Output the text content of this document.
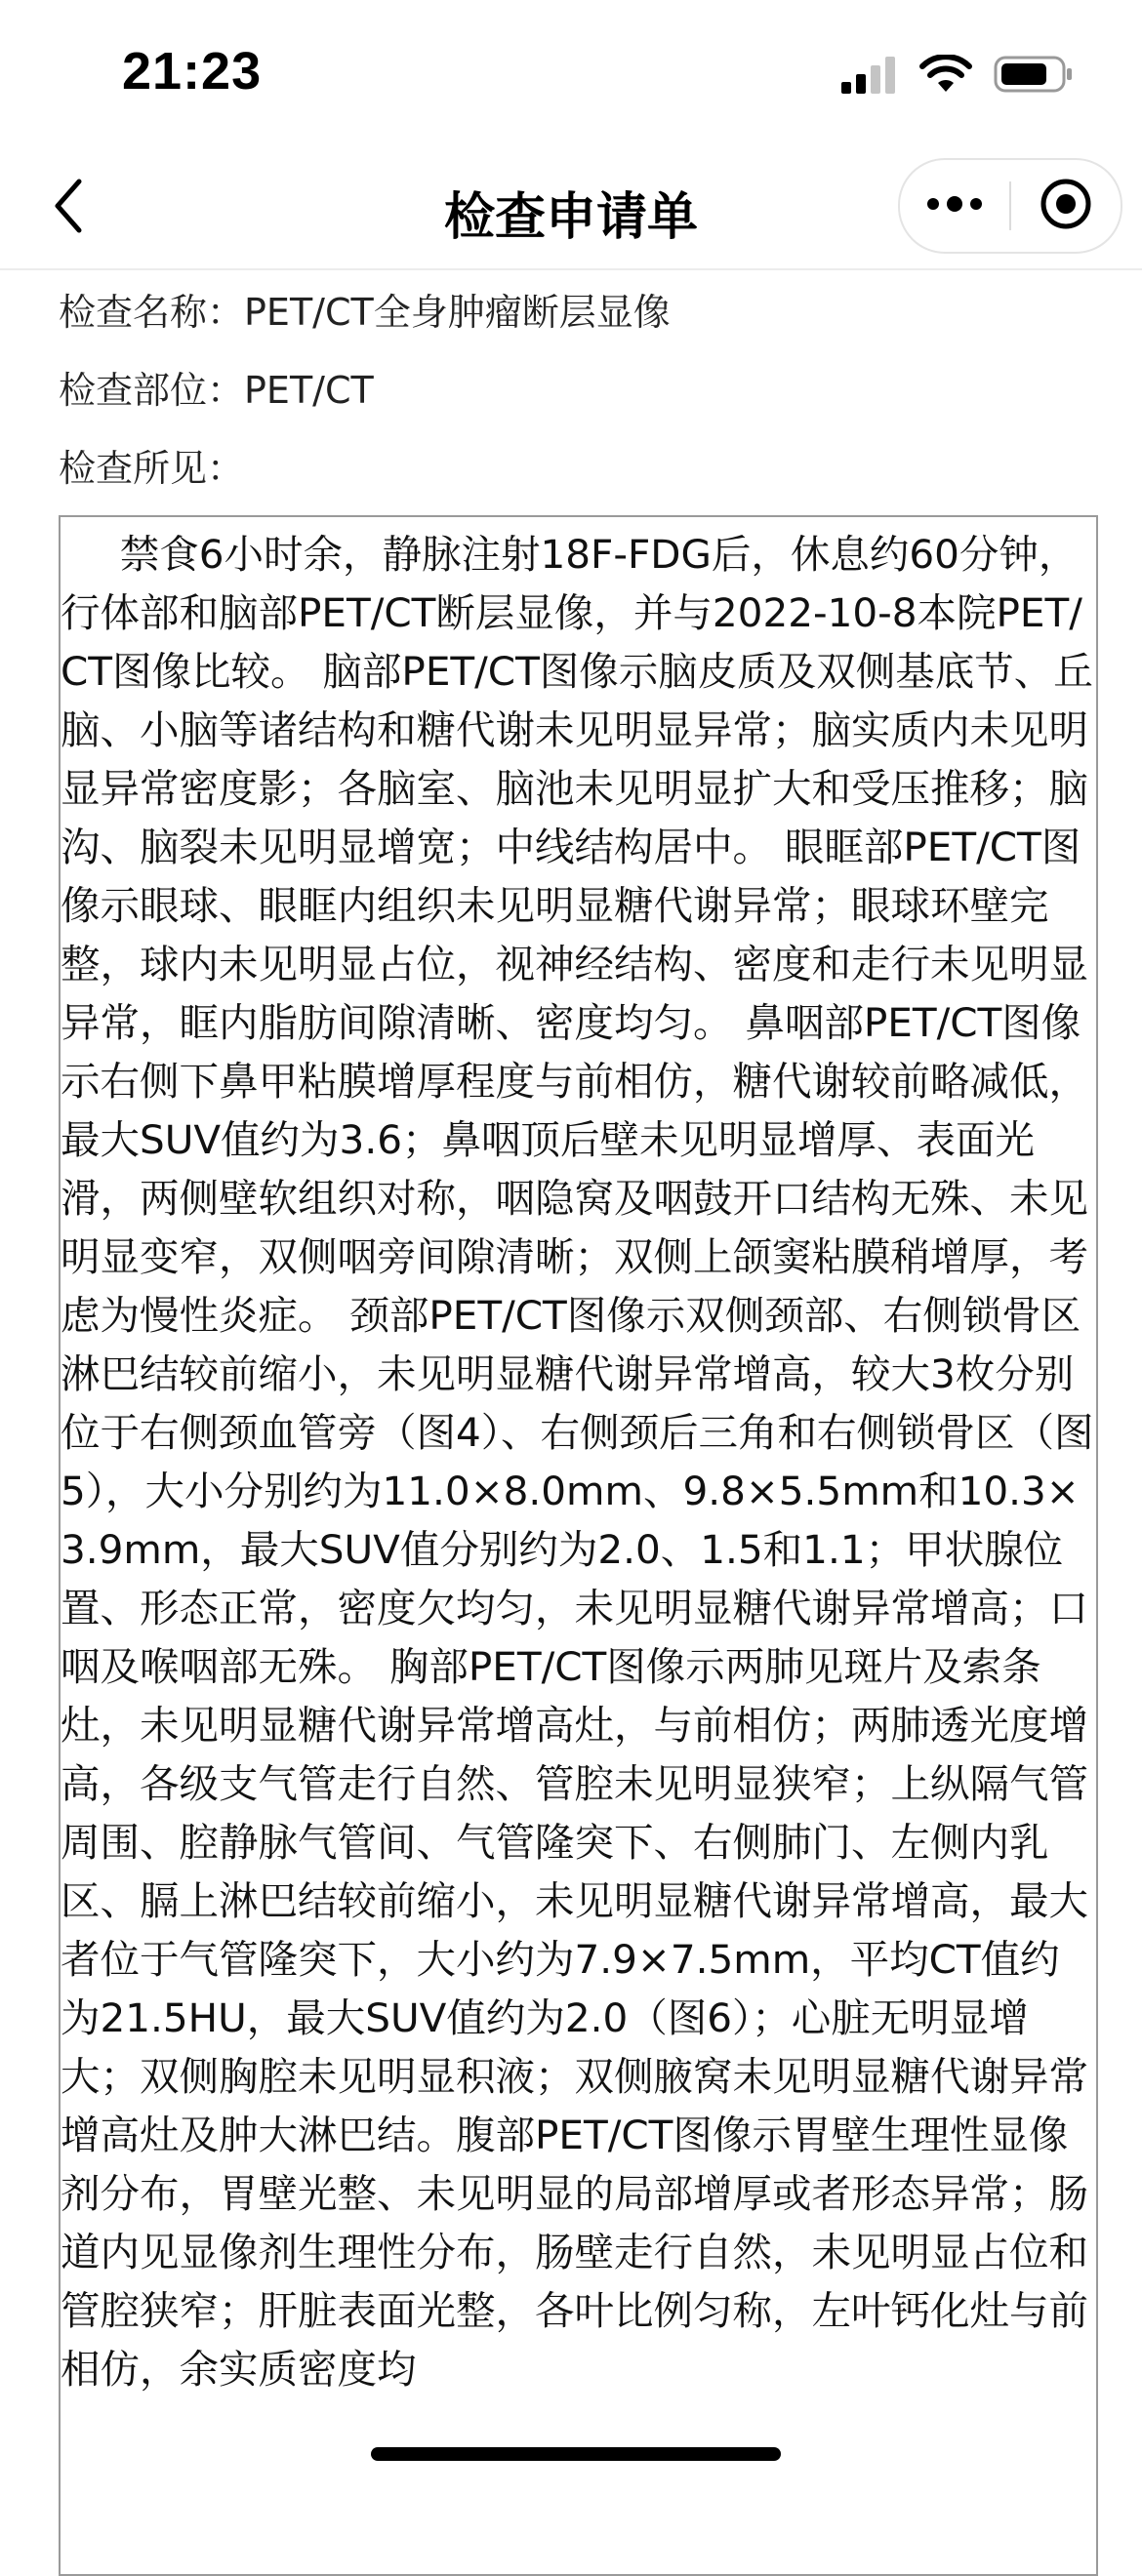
21:23
检查申请单
检查名称：PET/CT全身肿瘤断层显像
检查部位：PET/CT
检查所见：
禁食6小时余，静脉注射18F-FDG后，休息约60分钟，行体部和脑部PET/CT断层显像，并与2022-10-8本院PET/CT图像比较。 脑部PET/CT图像示脑皮质及双侧基底节、丘脑、小脑等诸结构和糖代谢未见明显异常；脑实质内未见明显异常密度影；各脑室、脑池未见明显扩大和受压推移；脑沟、脑裂未见明显增宽；中线结构居中。 眼眶部PET/CT图像示眼球、眼眶内组织未见明显糖代谢异常；眼球环壁完整，球内未见明显占位，视神经结构、密度和走行未见明显异常，眶内脂肪间隙清晰、密度均匀。 鼻咽部PET/CT图像示右侧下鼻甲粘膜增厚程度与前相仿，糖代谢较前略减低，最大SUV值约为3.6；鼻咽顶后壁未见明显增厚、表面光滑，两侧壁软组织对称，咽隐窝及咽鼓开口结构无殊、未见明显变窄，双侧咽旁间隙清晰；双侧上颌窦粘膜稍增厚，考虑为慢性炎症。 颈部PET/CT图像示双侧颈部、右侧锁骨区淋巴结较前缩小，未见明显糖代谢异常增高，较大3枚分别位于右侧颈血管旁（图4）、右侧颈后三角和右侧锁骨区（图5），大小分别约为11.0×8.0mm、9.8×5.5mm和10.3×3.9mm，最大SUV值分别约为2.0、1.5和1.1；甲状腺位置、形态正常，密度欠均匀，未见明显糖代谢异常增高；口咽及喉咽部无殊。 胸部PET/CT图像示两肺见斑片及索条灶，未见明显糖代谢异常增高灶，与前相仿；两肺透光度增高，各级支气管走行自然、管腔未见明显狭窄；上纵隔气管周围、腔静脉气管间、气管隆突下、右侧肺门、左侧内乳区、膈上淋巴结较前缩小，未见明显糖代谢异常增高，最大者位于气管隆突下，大小约为7.9×7.5mm，平均CT值约为21.5HU，最大SUV值约为2.0（图6）；心脏无明显增大；双侧胸腔未见明显积液；双侧腋窝未见明显糖代谢异常增高灶及肿大淋巴结。腹部PET/CT图像示胃壁生理性显像剂分布，胃壁光整、未见明显的局部增厚或者形态异常；肠道内见显像剂生理性分布，肠壁走行自然，未见明显占位和管腔狭窄；肝脏表面光整，各叶比例匀称，左叶钙化灶与前相仿，余实质密度均
